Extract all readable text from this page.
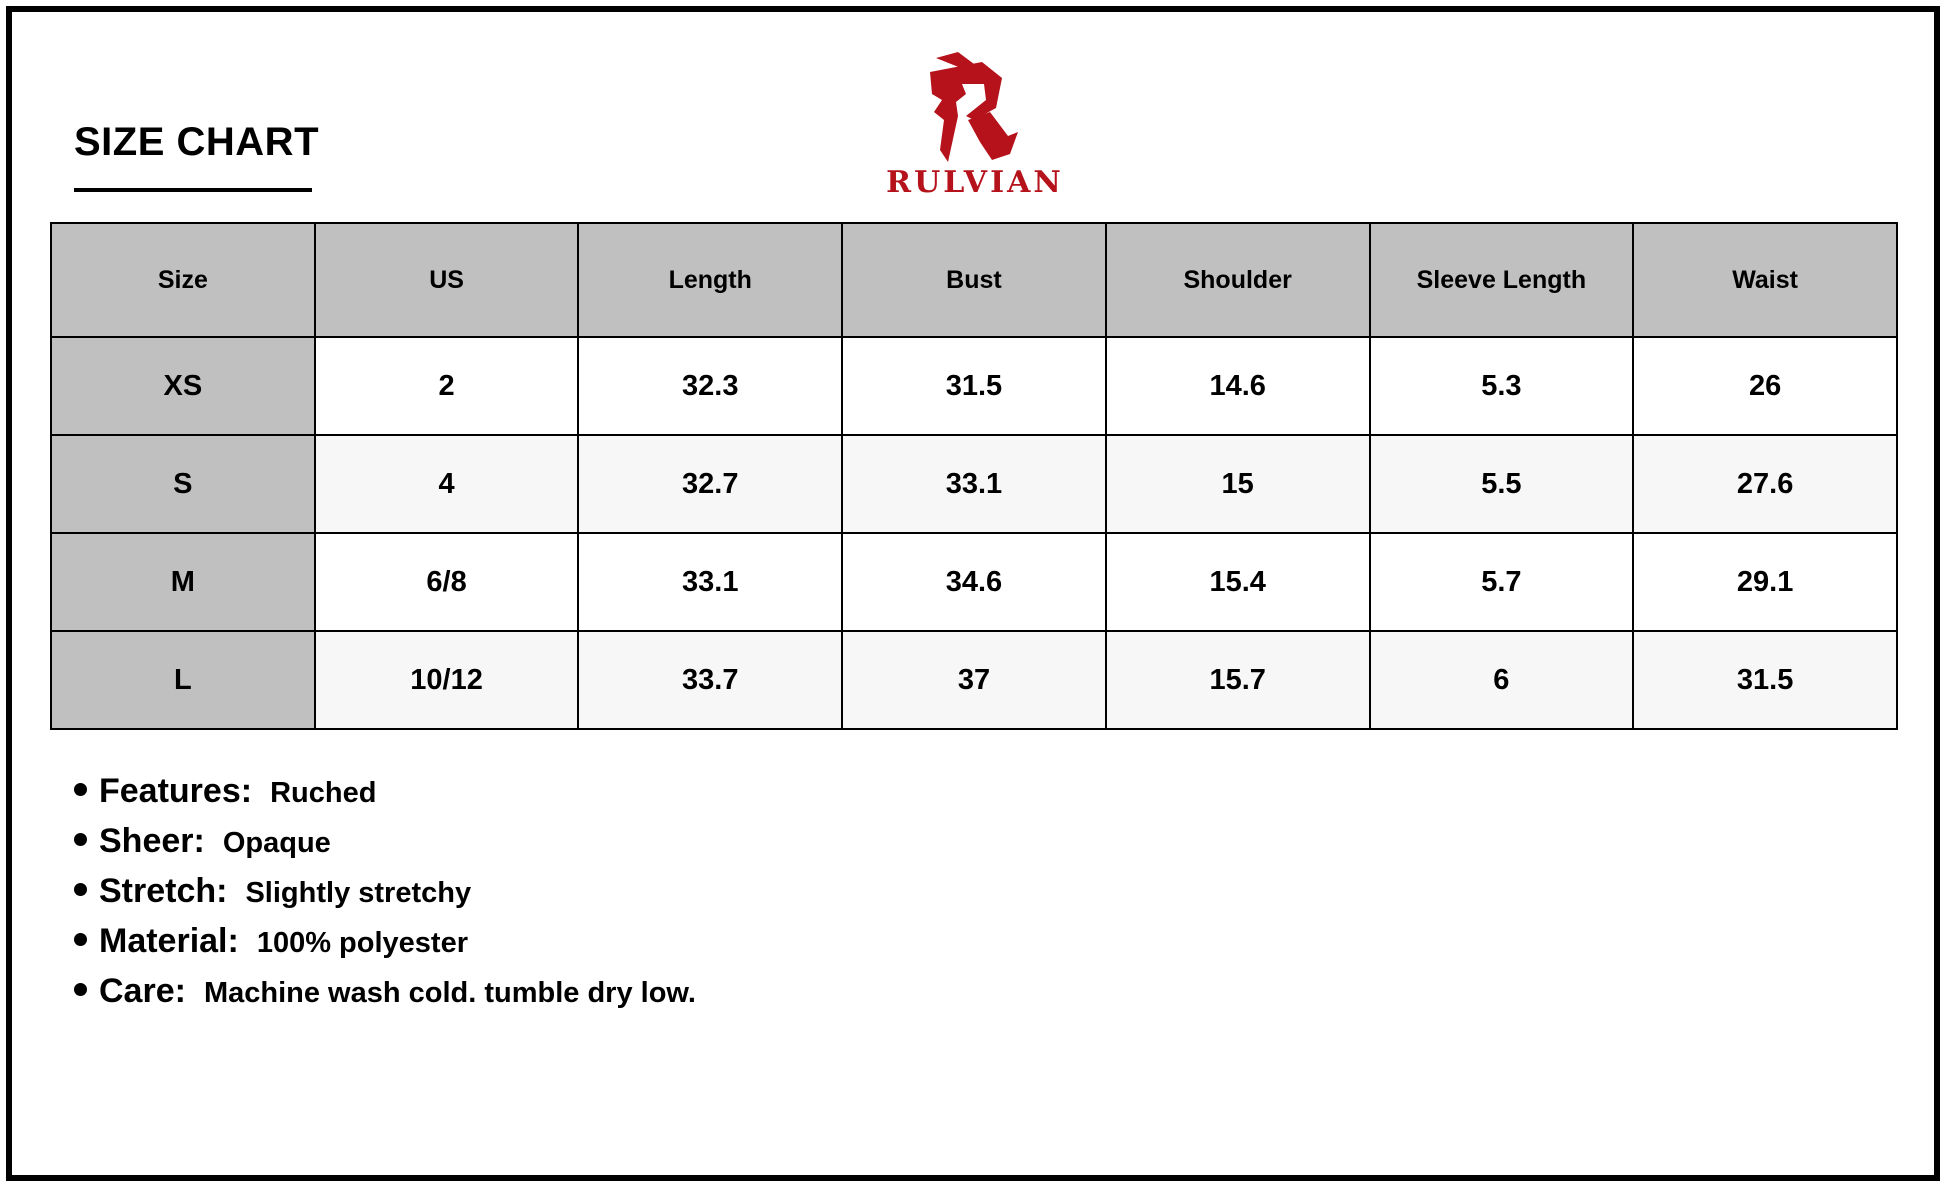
SIZE CHART
RULVIAN
Size	US	Length	Bust	Shoulder	Sleeve Length	Waist
XS	2	32.3	31.5	14.6	5.3	26
S	4	32.7	33.1	15	5.5	27.6
M	6/8	33.1	34.6	15.4	5.7	29.1
L	10/12	33.7	37	15.7	6	31.5
Features: Ruched
Sheer: Opaque
Stretch: Slightly stretchy
Material: 100% polyester
Care: Machine wash cold. tumble dry low.
